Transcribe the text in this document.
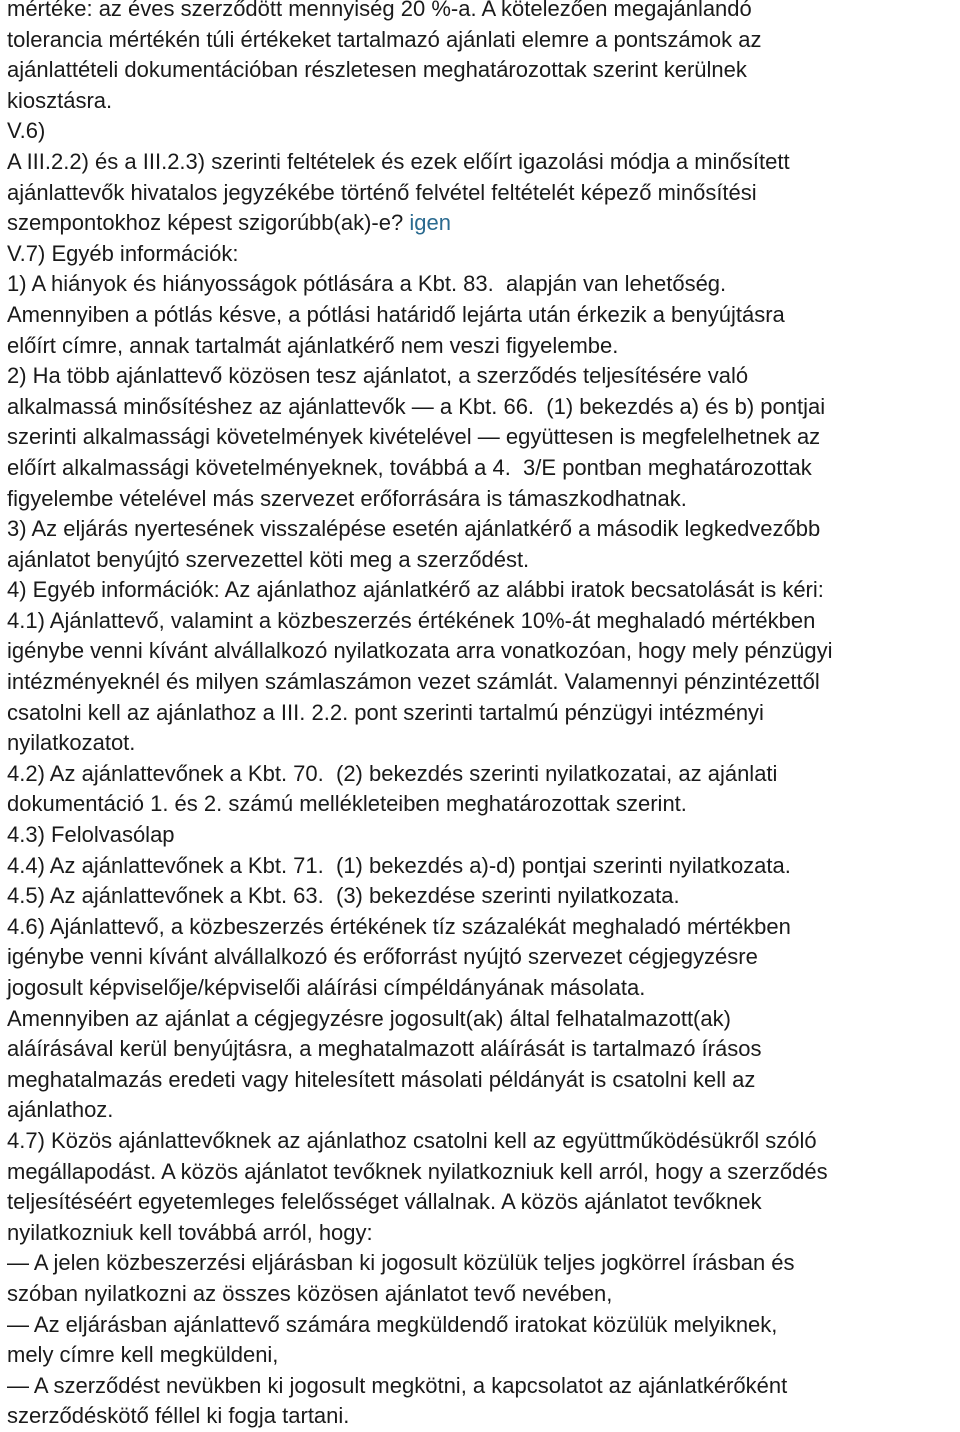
mértéke: az éves szerződött mennyiség 20 %-a. A kötelezően megajánlandó
tolerancia mértékén túli értékeket tartalmazó ajánlati elemre a pontszámok az
ajánlattételi dokumentációban részletesen meghatározottak szerint kerülnek
kiosztásra.
V.6)
A III.2.2) és a III.2.3) szerinti feltételek és ezek előírt igazolási módja a minősített
ajánlattevők hivatalos jegyzékébe történő felvétel feltételét képező minősítési
szempontokhoz képest szigorúbb(ak)-e? igen
V.7) Egyéb információk:
1) A hiányok és hiányosságok pótlására a Kbt. 83.  alapján van lehetőség.
Amennyiben a pótlás késve, a pótlási határidő lejárta után érkezik a benyújtásra
előírt címre, annak tartalmát ajánlatkérő nem veszi figyelembe.
2) Ha több ajánlattevő közösen tesz ajánlatot, a szerződés teljesítésére való
alkalmassá minősítéshez az ajánlattevők — a Kbt. 66.  (1) bekezdés a) és b) pontjai
szerinti alkalmassági követelmények kivételével — együttesen is megfelelhetnek az
előírt alkalmassági követelményeknek, továbbá a 4.  3/E pontban meghatározottak
figyelembe vételével más szervezet erőforrására is támaszkodhatnak.
3) Az eljárás nyertesének visszalépése esetén ajánlatkérő a második legkedvezőbb
ajánlatot benyújtó szervezettel köti meg a szerződést.
4) Egyéb információk: Az ajánlathoz ajánlatkérő az alábbi iratok becsatolását is kéri:
4.1) Ajánlattevő, valamint a közbeszerzés értékének 10%-át meghaladó mértékben
igénybe venni kívánt alvállalkozó nyilatkozata arra vonatkozóan, hogy mely pénzügyi
intézményeknél és milyen számlaszámon vezet számlát. Valamennyi pénzintézettől
csatolni kell az ajánlathoz a III. 2.2. pont szerinti tartalmú pénzügyi intézményi
nyilatkozatot.
4.2) Az ajánlattevőnek a Kbt. 70.  (2) bekezdés szerinti nyilatkozatai, az ajánlati
dokumentáció 1. és 2. számú mellékleteiben meghatározottak szerint.
4.3) Felolvasólap
4.4) Az ajánlattevőnek a Kbt. 71.  (1) bekezdés a)-d) pontjai szerinti nyilatkozata.
4.5) Az ajánlattevőnek a Kbt. 63.  (3) bekezdése szerinti nyilatkozata.
4.6) Ajánlattevő, a közbeszerzés értékének tíz százalékát meghaladó mértékben
igénybe venni kívánt alvállalkozó és erőforrást nyújtó szervezet cégjegyzésre
jogosult képviselője/képviselői aláírási címpéldányának másolata.
Amennyiben az ajánlat a cégjegyzésre jogosult(ak) által felhatalmazott(ak)
aláírásával kerül benyújtásra, a meghatalmazott aláírását is tartalmazó írásos
meghatalmazás eredeti vagy hitelesített másolati példányát is csatolni kell az
ajánlathoz.
4.7) Közös ajánlattevőknek az ajánlathoz csatolni kell az együttműködésükről szóló
megállapodást. A közös ajánlatot tevőknek nyilatkozniuk kell arról, hogy a szerződés
teljesítéséért egyetemleges felelősséget vállalnak. A közös ajánlatot tevőknek
nyilatkozniuk kell továbbá arról, hogy:
— A jelen közbeszerzési eljárásban ki jogosult közülük teljes jogkörrel írásban és
szóban nyilatkozni az összes közösen ajánlatot tevő nevében,
— Az eljárásban ajánlattevő számára megküldendő iratokat közülük melyiknek,
mely címre kell megküldeni,
— A szerződést nevükben ki jogosult megkötni, a kapcsolatot az ajánlatkérőként
szerződéskötő féllel ki fogja tartani.
